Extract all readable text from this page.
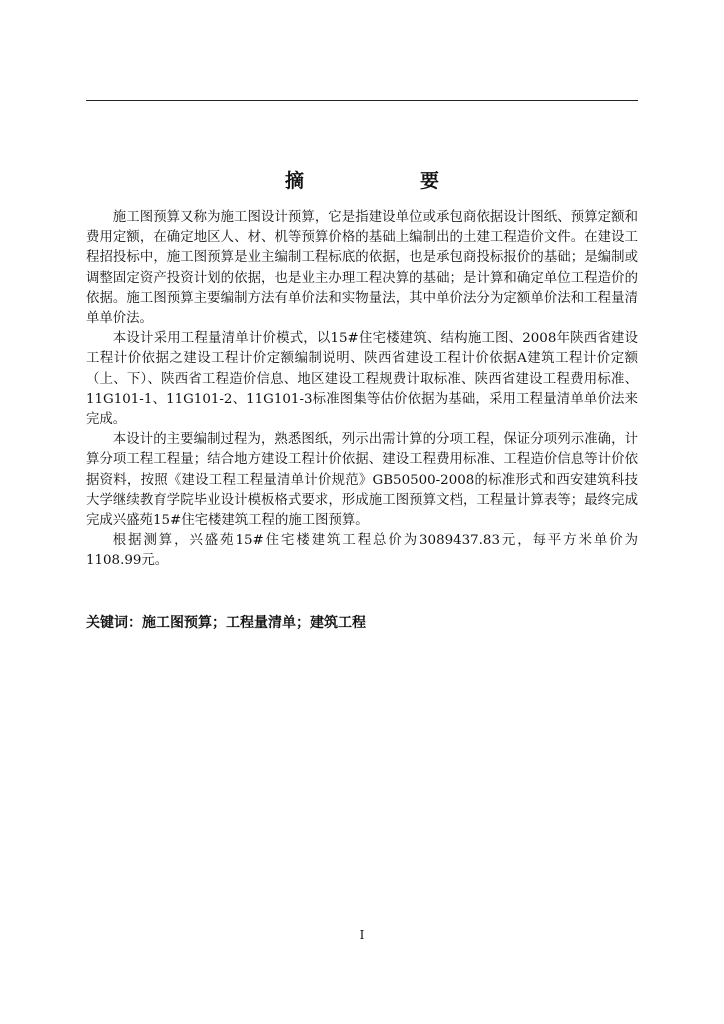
摘　　要

施工图预算又称为施工图设计预算，它是指建设单位或承包商依据设计图纸、预算定额和费用定额，在确定地区人、材、机等预算价格的基础上编制出的土建工程造价文件。在建设工程招投标中，施工图预算是业主编制工程标底的依据，也是承包商投标报价的基础；是编制或调整固定资产投资计划的依据，也是业主办理工程决算的基础；是计算和确定单位工程造价的依据。施工图预算主要编制方法有单价法和实物量法，其中单价法分为定额单价法和工程量清单单价法。

本设计采用工程量清单计价模式，以15#住宅楼建筑、结构施工图、2008年陕西省建设工程计价依据之建设工程计价定额编制说明、陕西省建设工程计价依据A建筑工程计价定额（上、下）、陕西省工程造价信息、地区建设工程规费计取标准、陕西省建设工程费用标准、11G101-1、11G101-2、11G101-3标准图集等估价依据为基础，采用工程量清单单价法来完成。

本设计的主要编制过程为，熟悉图纸，列示出需计算的分项工程，保证分项列示准确，计算分项工程工程量；结合地方建设工程计价依据、建设工程费用标准、工程造价信息等计价依据资料，按照《建设工程工程量清单计价规范》GB50500-2008的标准形式和西安建筑科技大学继续教育学院毕业设计模板格式要求，形成施工图预算文档，工程量计算表等；最终完成完成兴盛苑15#住宅楼建筑工程的施工图预算。

根据测算，兴盛苑15#住宅楼建筑工程总价为3089437.83元，每平方米单价为1108.99元。

关键词：施工图预算；工程量清单；建筑工程
I
